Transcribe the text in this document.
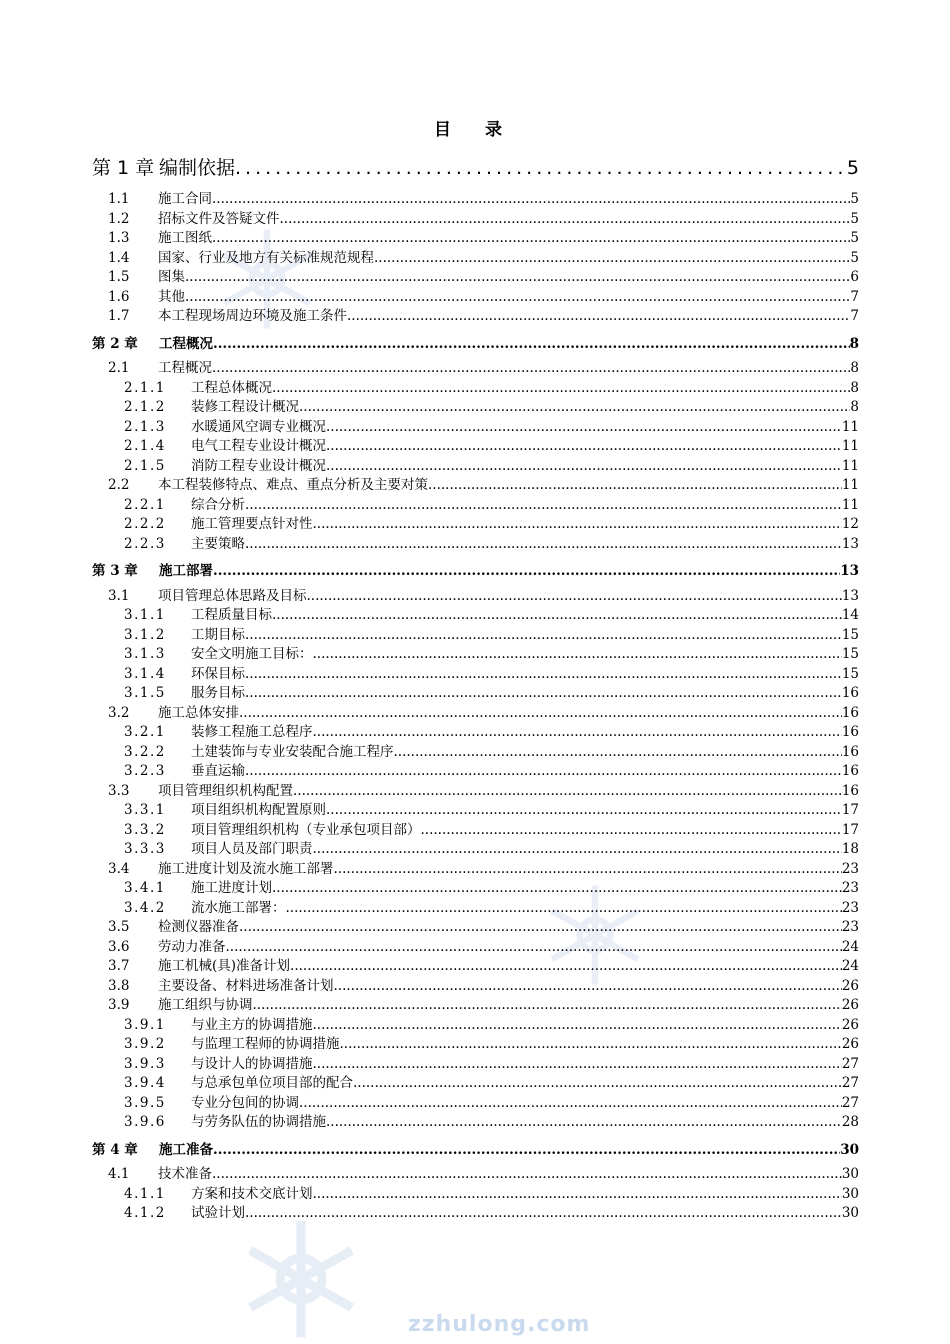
zzhulong.com
目 录
第 1 章 编制依据 .....	5
1.1	施工合同 .....	5
1.2	招标文件及答疑文件 .....	5
1.3	施工图纸 .....	5
1.4	国家、行业及地方有关标准规范规程 .....	5
1.5	图集 .....	6
1.6	其他 .....	7
1.7	本工程现场周边环境及施工条件 .....	7
第 2 章	工程概况 .....	8
2.1	工程概况 .....	8
2.1.1	工程总体概况 .....	8
2.1.2	装修工程设计概况 .....	8
2.1.3	水暖通风空调专业概况 .....	11
2.1.4	电气工程专业设计概况 .....	11
2.1.5	消防工程专业设计概况 .....	11
2.2	本工程装修特点、难点、重点分析及主要对策 .....	11
2.2.1	综合分析 .....	11
2.2.2	施工管理要点针对性 .....	12
2.2.3	主要策略 .....	13
第 3 章	施工部署 .....	13
3.1	项目管理总体思路及目标 .....	13
3.1.1	工程质量目标 .....	14
3.1.2	工期目标 .....	15
3.1.3	安全文明施工目标： .....	15
3.1.4	环保目标 .....	15
3.1.5	服务目标 .....	16
3.2	施工总体安排 .....	16
3.2.1	装修工程施工总程序 .....	16
3.2.2	土建装饰与专业安装配合施工程序 .....	16
3.2.3	垂直运输 .....	16
3.3	项目管理组织机构配置 .....	16
3.3.1	项目组织机构配置原则 .....	17
3.3.2	项目管理组织机构（专业承包项目部） .....	17
3.3.3	项目人员及部门职责 .....	18
3.4	施工进度计划及流水施工部署 .....	23
3.4.1	施工进度计划 .....	23
3.4.2	流水施工部署： .....	23
3.5	检测仪器准备 .....	23
3.6	劳动力准备 .....	24
3.7	施工机械(具)准备计划 .....	24
3.8	主要设备、材料进场准备计划 .....	26
3.9	施工组织与协调 .....	26
3.9.1	与业主方的协调措施 .....	26
3.9.2	与监理工程师的协调措施 .....	26
3.9.3	与设计人的协调措施 .....	27
3.9.4	与总承包单位项目部的配合 .....	27
3.9.5	专业分包间的协调 .....	27
3.9.6	与劳务队伍的协调措施 .....	28
第 4 章	施工准备 .....	30
4.1	技术准备 .....	30
4.1.1	方案和技术交底计划 .....	30
4.1.2	试验计划 .....	30
